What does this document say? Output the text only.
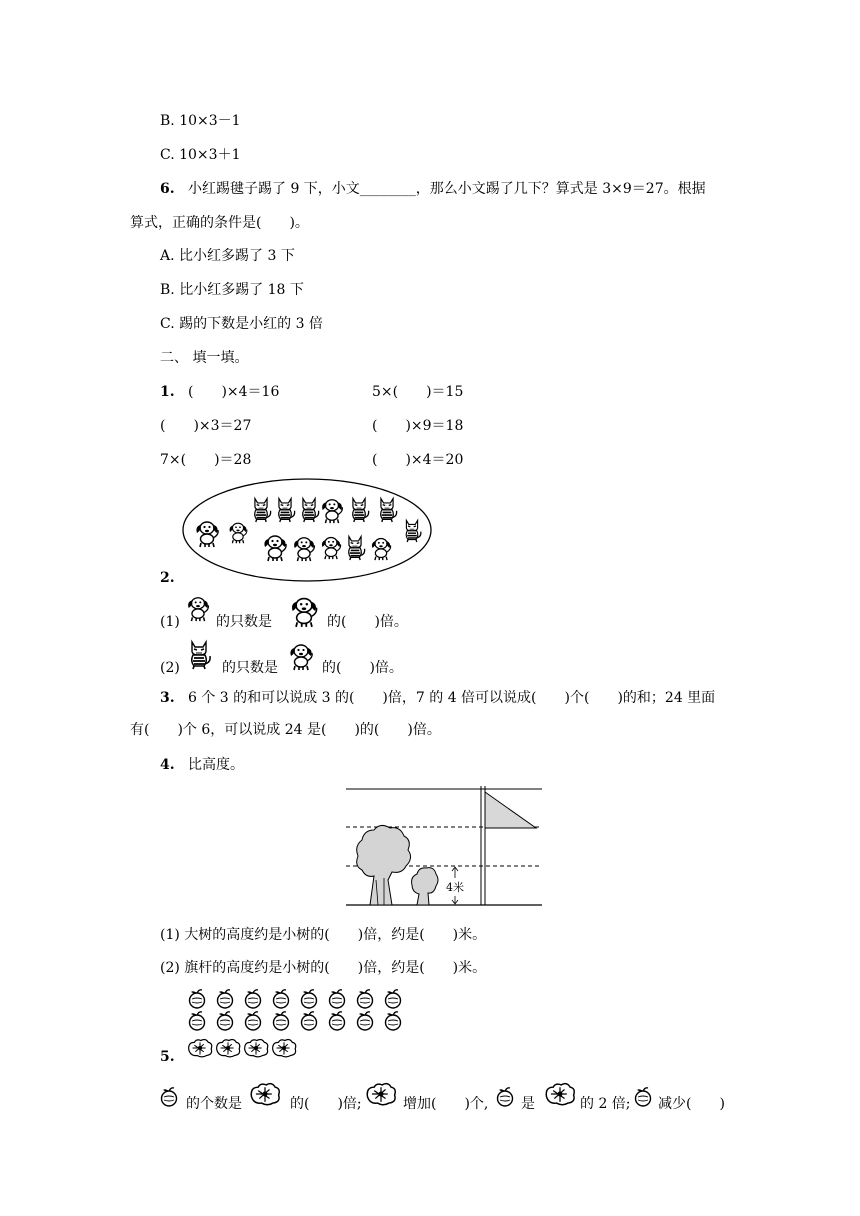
B. 10×3－1
C. 10×3＋1
6. 小红踢毽子踢了 9 下，小文________，那么小文踢了几下？算式是 3×9＝27。根据
算式，正确的条件是(　　)。
A. 比小红多踢了 3 下
B. 比小红多踢了 18 下
C. 踢的下数是小红的 3 倍
二、 填一填。
1. (　　)×4＝16	5×(　　)＝15
(　　)×3＝27	(　　)×9＝18
7×(　　)＝28	(　　)×4＝20
2.
(1)	的只数是	的(　　)倍。
(2)	的只数是	的(　　)倍。
3. 6 个 3 的和可以说成 3 的(　　)倍，7 的 4 倍可以说成(　　)个(　　)的和；24 里面
有(　　)个 6，可以说成 24 是(　　)的(　　)倍。
4. 比高度。
4米
(1) 大树的高度约是小树的(　　)倍，约是(　　)米。
(2) 旗杆的高度约是小树的(　　)倍，约是(　　)米。
5.
的个数是	的(　　)倍;	增加(　　)个, 是	的 2 倍; 减少(　　)
